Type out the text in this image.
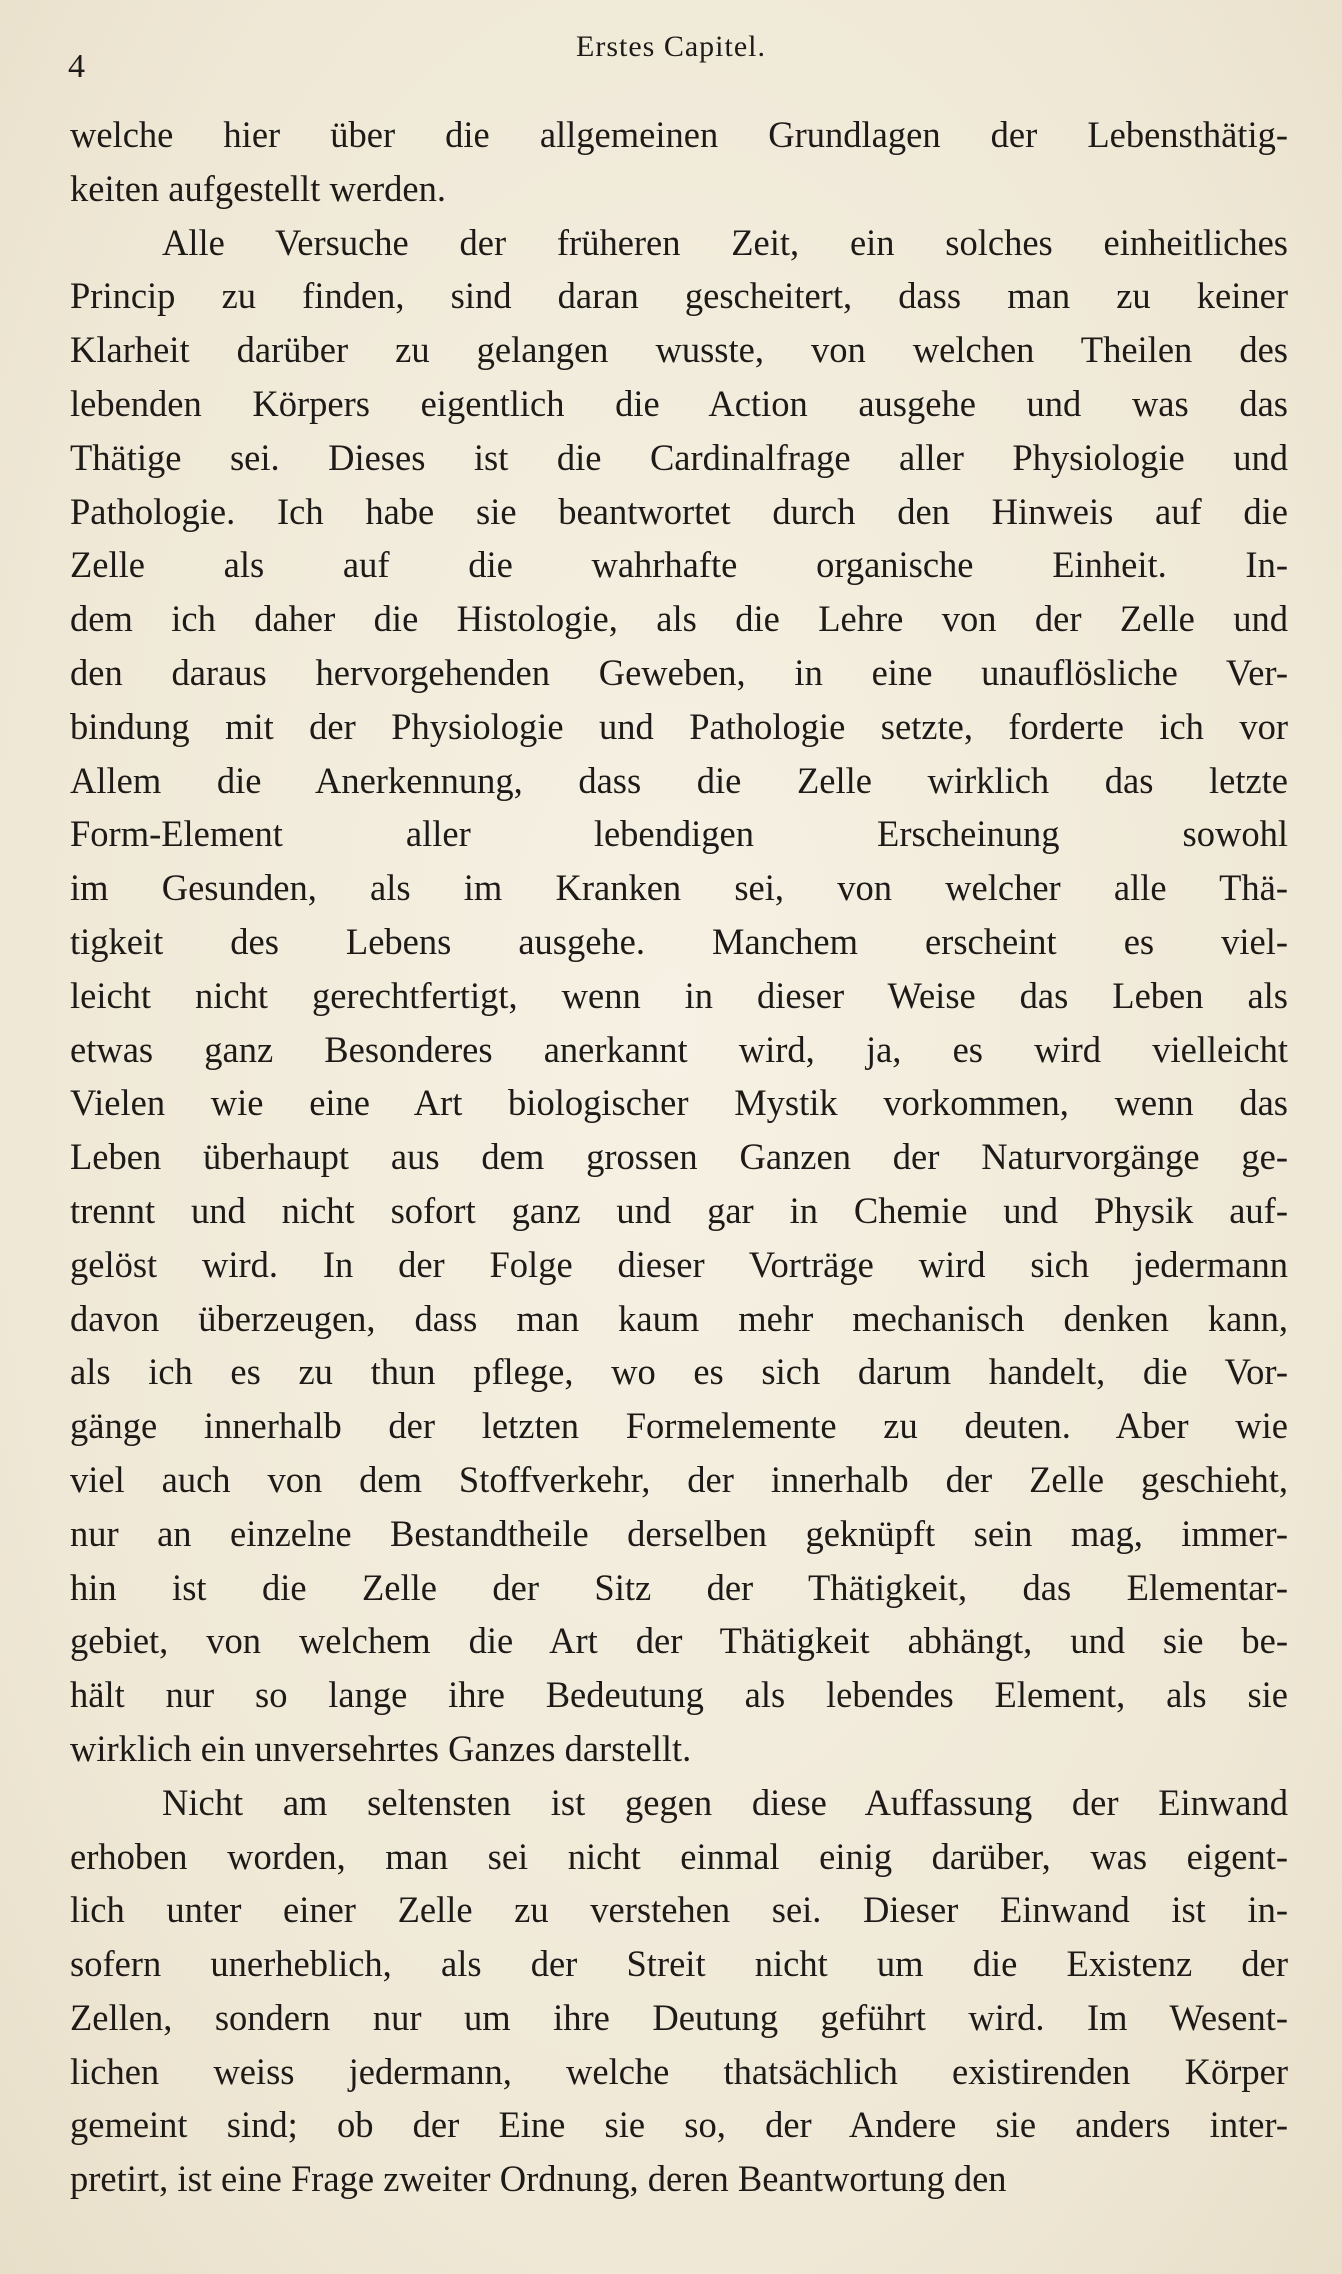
4
Erstes Capitel.
welche hier über die allgemeinen Grundlagen der Lebensthätig-
keiten aufgestellt werden.
Alle Versuche der früheren Zeit, ein solches einheitliches
Princip zu finden, sind daran gescheitert, dass man zu keiner
Klarheit darüber zu gelangen wusste, von welchen Theilen des
lebenden Körpers eigentlich die Action ausgehe und was das
Thätige sei. Dieses ist die Cardinalfrage aller Physiologie und
Pathologie. Ich habe sie beantwortet durch den Hinweis auf die
Zelle als auf die wahrhafte organische Einheit. In-
dem ich daher die Histologie, als die Lehre von der Zelle und
den daraus hervorgehenden Geweben, in eine unauflösliche Ver-
bindung mit der Physiologie und Pathologie setzte, forderte ich vor
Allem die Anerkennung, dass die Zelle wirklich das letzte
Form-Element aller lebendigen Erscheinung sowohl
im Gesunden, als im Kranken sei, von welcher alle Thä-
tigkeit des Lebens ausgehe. Manchem erscheint es viel-
leicht nicht gerechtfertigt, wenn in dieser Weise das Leben als
etwas ganz Besonderes anerkannt wird, ja, es wird vielleicht
Vielen wie eine Art biologischer Mystik vorkommen, wenn das
Leben überhaupt aus dem grossen Ganzen der Naturvorgänge ge-
trennt und nicht sofort ganz und gar in Chemie und Physik auf-
gelöst wird. In der Folge dieser Vorträge wird sich jedermann
davon überzeugen, dass man kaum mehr mechanisch denken kann,
als ich es zu thun pflege, wo es sich darum handelt, die Vor-
gänge innerhalb der letzten Formelemente zu deuten. Aber wie
viel auch von dem Stoffverkehr, der innerhalb der Zelle geschieht,
nur an einzelne Bestandtheile derselben geknüpft sein mag, immer-
hin ist die Zelle der Sitz der Thätigkeit, das Elementar-
gebiet, von welchem die Art der Thätigkeit abhängt, und sie be-
hält nur so lange ihre Bedeutung als lebendes Element, als sie
wirklich ein unversehrtes Ganzes darstellt.
Nicht am seltensten ist gegen diese Auffassung der Einwand
erhoben worden, man sei nicht einmal einig darüber, was eigent-
lich unter einer Zelle zu verstehen sei. Dieser Einwand ist in-
sofern unerheblich, als der Streit nicht um die Existenz der
Zellen, sondern nur um ihre Deutung geführt wird. Im Wesent-
lichen weiss jedermann, welche thatsächlich existirenden Körper
gemeint sind; ob der Eine sie so, der Andere sie anders inter-
pretirt, ist eine Frage zweiter Ordnung, deren Beantwortung den
